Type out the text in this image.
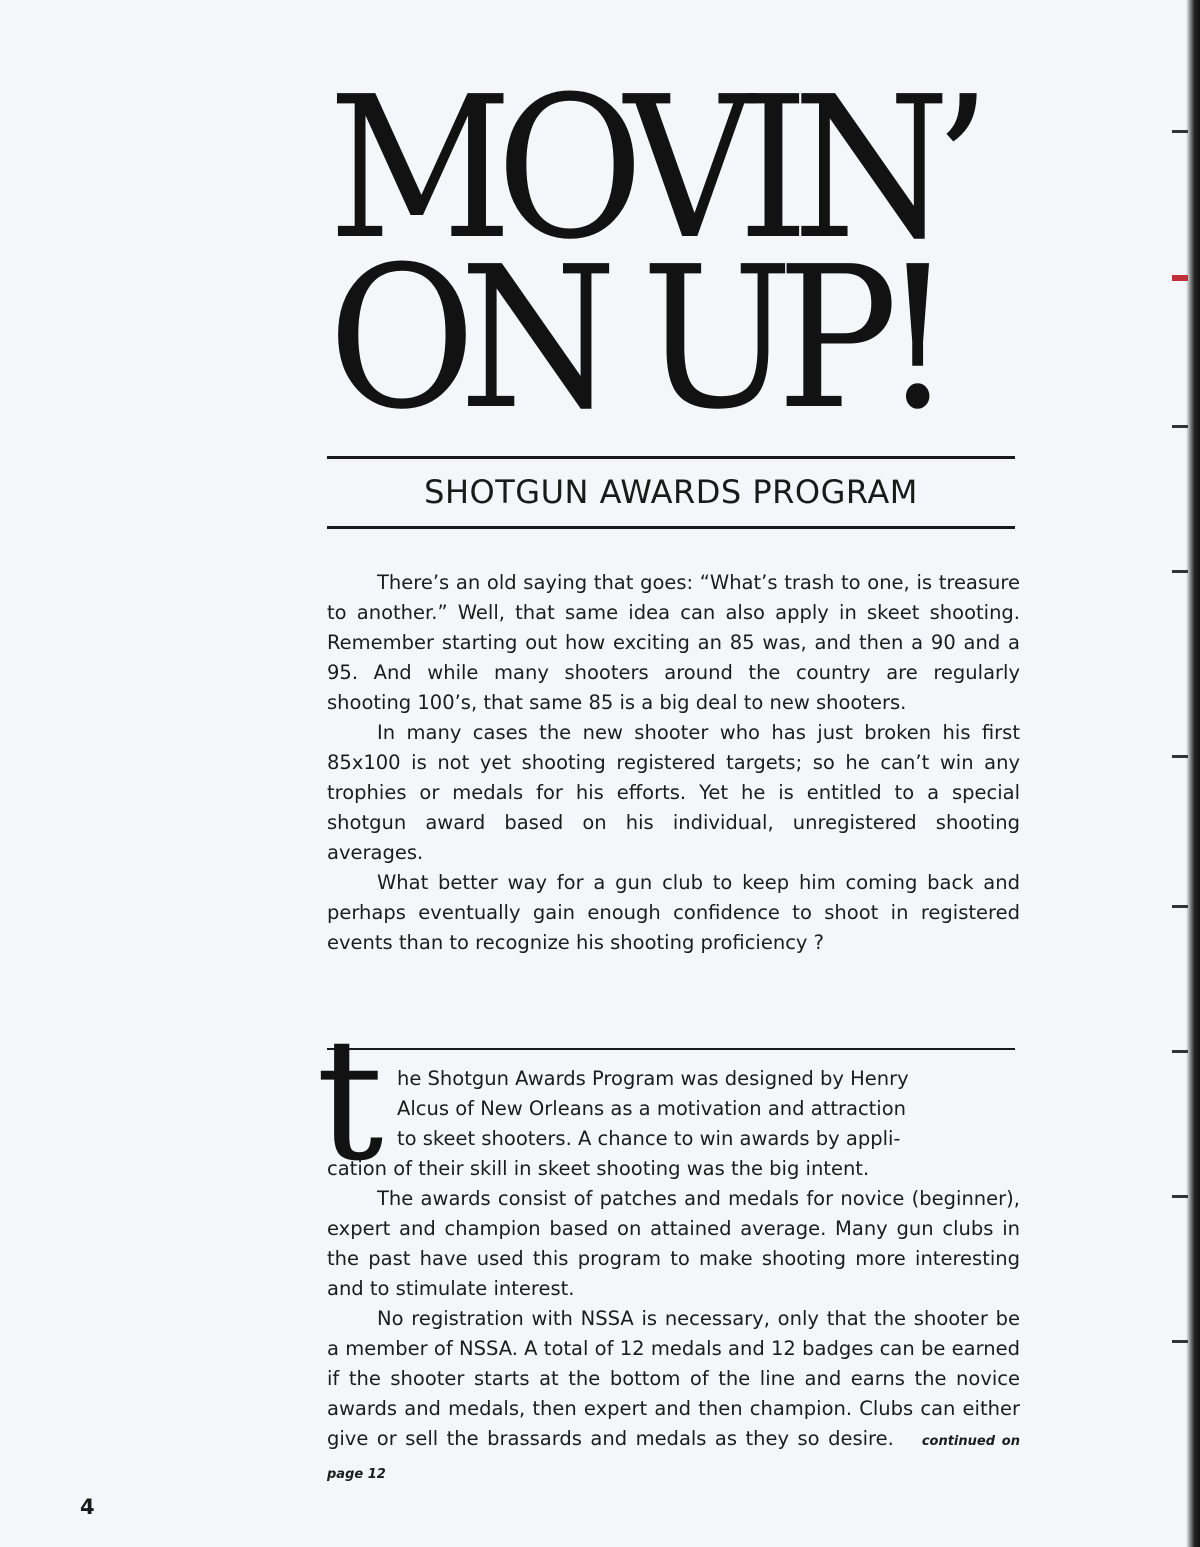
MOVIN’
ON UP!
SHOTGUN AWARDS PROGRAM

There’s an old saying that goes: “What’s trash to one, is treasure to another.” Well, that same idea can also apply in skeet shooting. Remember starting out how exciting an 85 was, and then a 90 and a 95. And while many shooters around the country are regularly shooting 100’s, that same 85 is a big deal to new shooters.

In many cases the new shooter who has just broken his first 85x100 is not yet shooting registered targets; so he can’t win any trophies or medals for his efforts. Yet he is entitled to a special shotgun award based on his individual, unregistered shooting averages.

What better way for a gun club to keep him coming back and perhaps eventually gain enough confidence to shoot in registered events than to recognize his shooting proficiency ?

t he Shotgun Awards Program was designed by Henry
Alcus of New Orleans as a motivation and attraction
to skeet shooters. A chance to win awards by appli-

cation of their skill in skeet shooting was the big intent.

The awards consist of patches and medals for novice (beginner), expert and champion based on attained average. Many gun clubs in the past have used this program to make shooting more interesting and to stimulate interest.

No registration with NSSA is necessary, only that the shooter be a member of NSSA. A total of 12 medals and 12 badges can be earned if the shooter starts at the bottom of the line and earns the novice awards and medals, then expert and then champion. Clubs can either give or sell the brassards and medals as they so desire. continued on page 12

4
